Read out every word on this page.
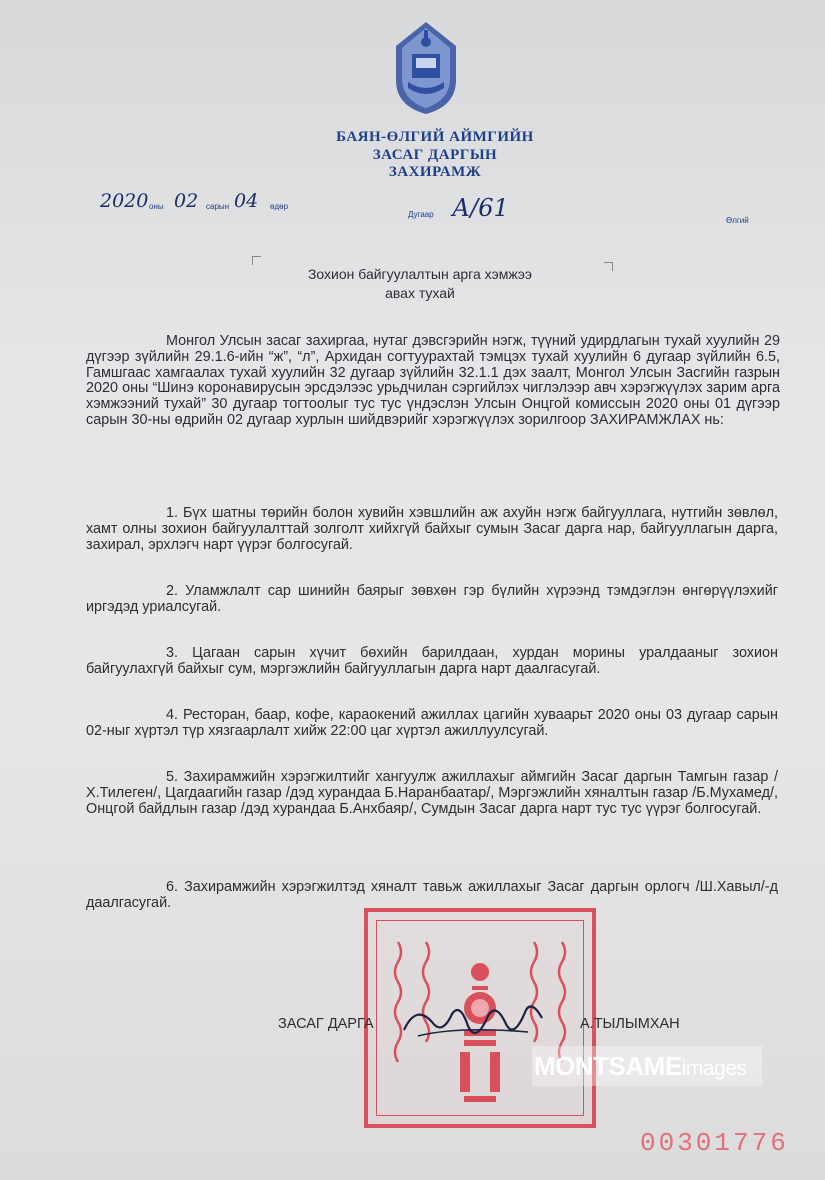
БАЯН-ӨЛГИЙ АЙМГИЙН
ЗАСАГ ДАРГЫН
ЗАХИРАМЖ
2020 оны 02 сарын 04 өдөр
Дугаар А/61	Өлгий
Зохион байгуулалтын арга хэмжээ
авах тухай
Монгол Улсын засаг захиргаа, нутаг дэвсгэрийн нэгж, түүний удирдлагын тухай хуулийн 29 дүгээр зүйлийн 29.1.6-ийн “ж”, “л”, Архидан согтуурахтай тэмцэх тухай хуулийн 6 дугаар зүйлийн 6.5, Гамшгаас хамгаалах тухай хуулийн 32 дугаар зүйлийн 32.1.1 дэх заалт, Монгол Улсын Засгийн газрын 2020 оны “Шинэ коронавирусын эрсдэлээс урьдчилан сэргийлэх чиглэлээр авч хэрэгжүүлэх зарим арга хэмжээний тухай” 30 дугаар тогтоолыг тус тус үндэслэн Улсын Онцгой комиссын 2020 оны 01 дүгээр сарын 30-ны өдрийн 02 дугаар хурлын шийдвэрийг хэрэгжүүлэх зорилгоор ЗАХИРАМЖЛАХ нь:
1. Бүх шатны төрийн болон хувийн хэвшлийн аж ахуйн нэгж байгууллага, нутгийн зөвлөл, хамт олны зохион байгуулалттай золголт хийхгүй байхыг сумын Засаг дарга нар, байгууллагын дарга, захирал, эрхлэгч нарт үүрэг болгосугай.
2. Уламжлалт сар шинийн баярыг зөвхөн гэр бүлийн хүрээнд тэмдэглэн өнгөрүүлэхийг иргэдэд уриалсугай.
3. Цагаан сарын хүчит бөхийн барилдаан, хурдан морины уралдааныг зохион байгуулахгүй байхыг сум, мэргэжлийн байгууллагын дарга нарт даалгасугай.
4. Ресторан, баар, кофе, караокений ажиллах цагийн хуваарьт 2020 оны 03 дугаар сарын 02-ныг хүртэл түр хязгаарлалт хийж 22:00 цаг хүртэл ажиллуулсугай.
5. Захирамжийн хэрэгжилтийг хангуулж ажиллахыг аймгийн Засаг даргын Тамгын газар /Х.Тилеген/, Цагдаагийн газар /дэд хурандаа Б.Наранбаатар/, Мэргэжлийн хяналтын газар /Б.Мухамед/, Онцгой байдлын газар /дэд хурандаа Б.Анхбаяр/, Сумдын Засаг дарга нарт тус тус үүрэг болгосугай.
6. Захирамжийн хэрэгжилтэд хяналт тавьж ажиллахыг Засаг даргын орлогч /Ш.Хавыл/-д даалгасугай.
ЗАСАГ ДАРГА	А.ТЫЛЫМХАН
MONTSAMEimages
00301776
